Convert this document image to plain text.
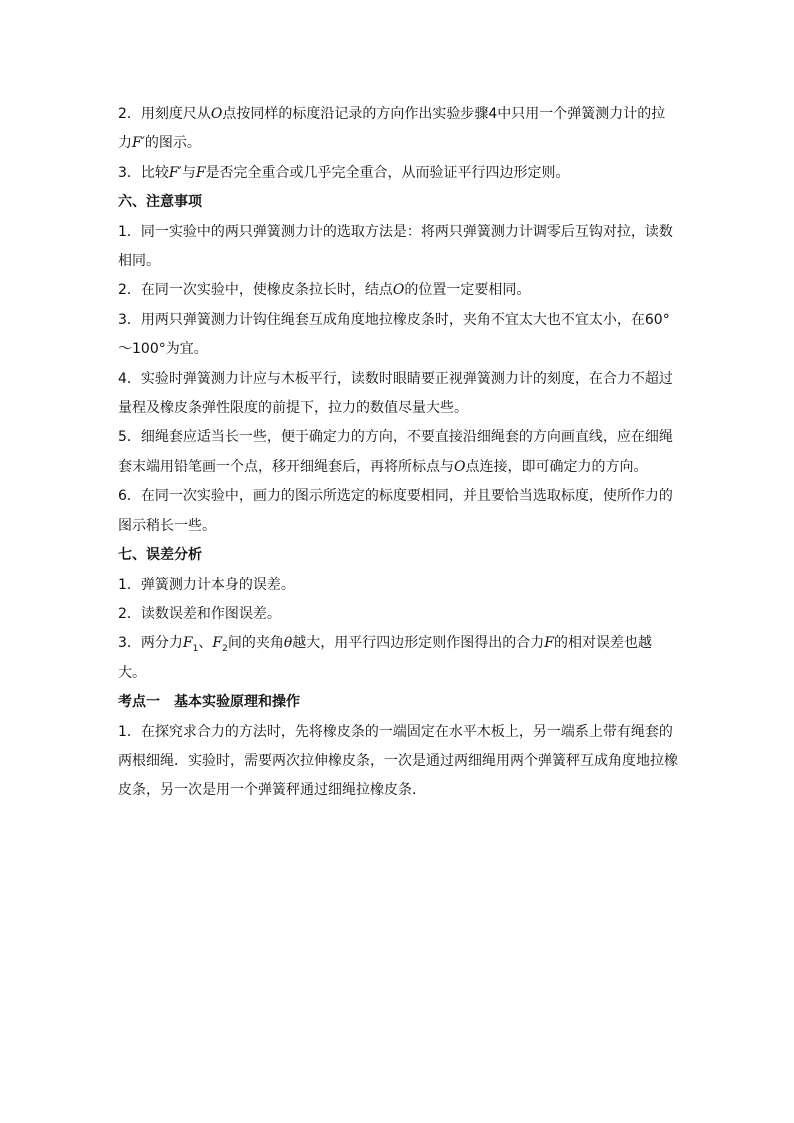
2．用刻度尺从O点按同样的标度沿记录的方向作出实验步骤4中只用一个弹簧测力计的拉力F′的图示。

3．比较F′与F是否完全重合或几乎完全重合，从而验证平行四边形定则。

六、注意事项

1．同一实验中的两只弹簧测力计的选取方法是：将两只弹簧测力计调零后互钩对拉，读数相同。

2．在同一次实验中，使橡皮条拉长时，结点O的位置一定要相同。

3．用两只弹簧测力计钩住绳套互成角度地拉橡皮条时，夹角不宜太大也不宜太小，在60°～100°为宜。

4．实验时弹簧测力计应与木板平行，读数时眼睛要正视弹簧测力计的刻度，在合力不超过量程及橡皮条弹性限度的前提下，拉力的数值尽量大些。

5．细绳套应适当长一些，便于确定力的方向，不要直接沿细绳套的方向画直线，应在细绳套末端用铅笔画一个点，移开细绳套后，再将所标点与O点连接，即可确定力的方向。

6．在同一次实验中，画力的图示所选定的标度要相同，并且要恰当选取标度，使所作力的图示稍长一些。

七、误差分析

1．弹簧测力计本身的误差。

2．读数误差和作图误差。

3．两分力$F_1$、$F_2$间的夹角θ越大，用平行四边形定则作图得出的合力F的相对误差也越大。

考点一　基本实验原理和操作

1．在探究求合力的方法时，先将橡皮条的一端固定在水平木板上，另一端系上带有绳套的两根细绳．实验时，需要两次拉伸橡皮条，一次是通过两细绳用两个弹簧秤互成角度地拉橡皮条，另一次是用一个弹簧秤通过细绳拉橡皮条．
